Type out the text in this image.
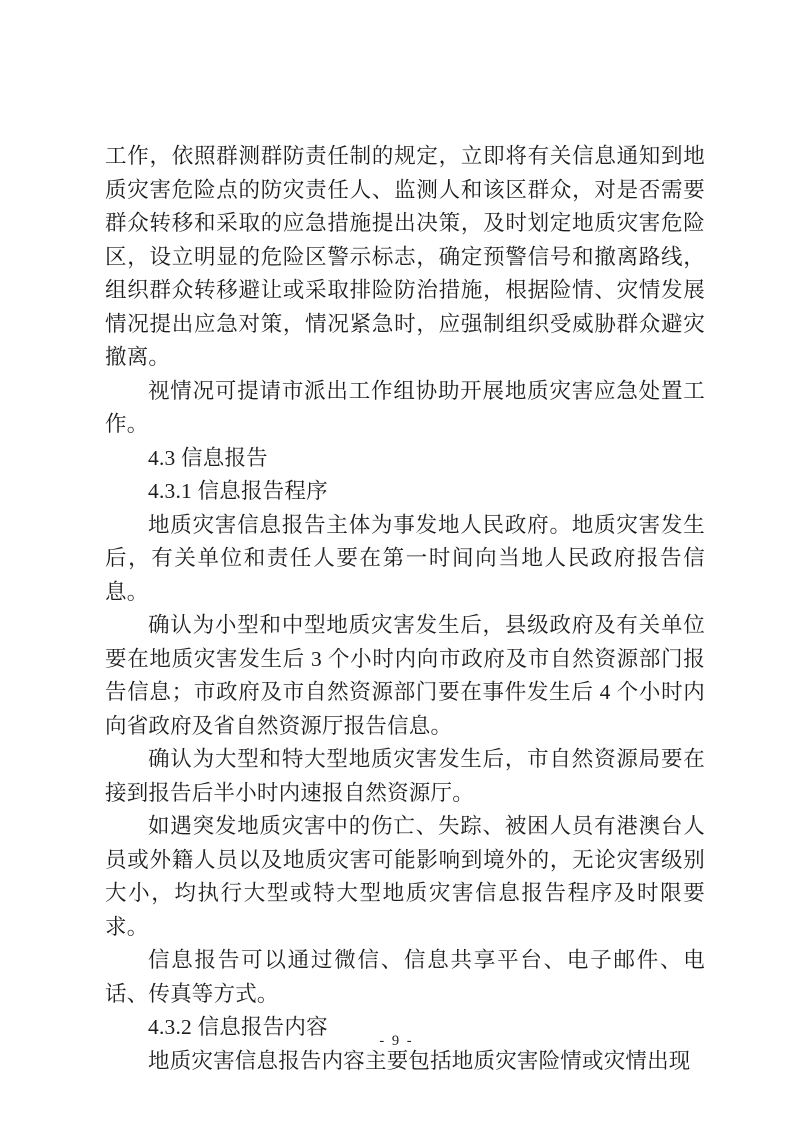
工作，依照群测群防责任制的规定，立即将有关信息通知到地质灾害危险点的防灾责任人、监测人和该区群众，对是否需要群众转移和采取的应急措施提出决策，及时划定地质灾害危险区，设立明显的危险区警示标志，确定预警信号和撤离路线，组织群众转移避让或采取排险防治措施，根据险情、灾情发展情况提出应急对策，情况紧急时，应强制组织受威胁群众避灾撤离。

视情况可提请市派出工作组协助开展地质灾害应急处置工作。

4.3 信息报告

4.3.1 信息报告程序

地质灾害信息报告主体为事发地人民政府。地质灾害发生后，有关单位和责任人要在第一时间向当地人民政府报告信息。

确认为小型和中型地质灾害发生后，县级政府及有关单位要在地质灾害发生后 3 个小时内向市政府及市自然资源部门报告信息；市政府及市自然资源部门要在事件发生后 4 个小时内向省政府及省自然资源厅报告信息。

确认为大型和特大型地质灾害发生后，市自然资源局要在接到报告后半小时内速报自然资源厅。

如遇突发地质灾害中的伤亡、失踪、被困人员有港澳台人员或外籍人员以及地质灾害可能影响到境外的，无论灾害级别大小，均执行大型或特大型地质灾害信息报告程序及时限要求。

信息报告可以通过微信、信息共享平台、电子邮件、电话、传真等方式。

4.3.2 信息报告内容

地质灾害信息报告内容主要包括地质灾害险情或灾情出现

- 9 -
